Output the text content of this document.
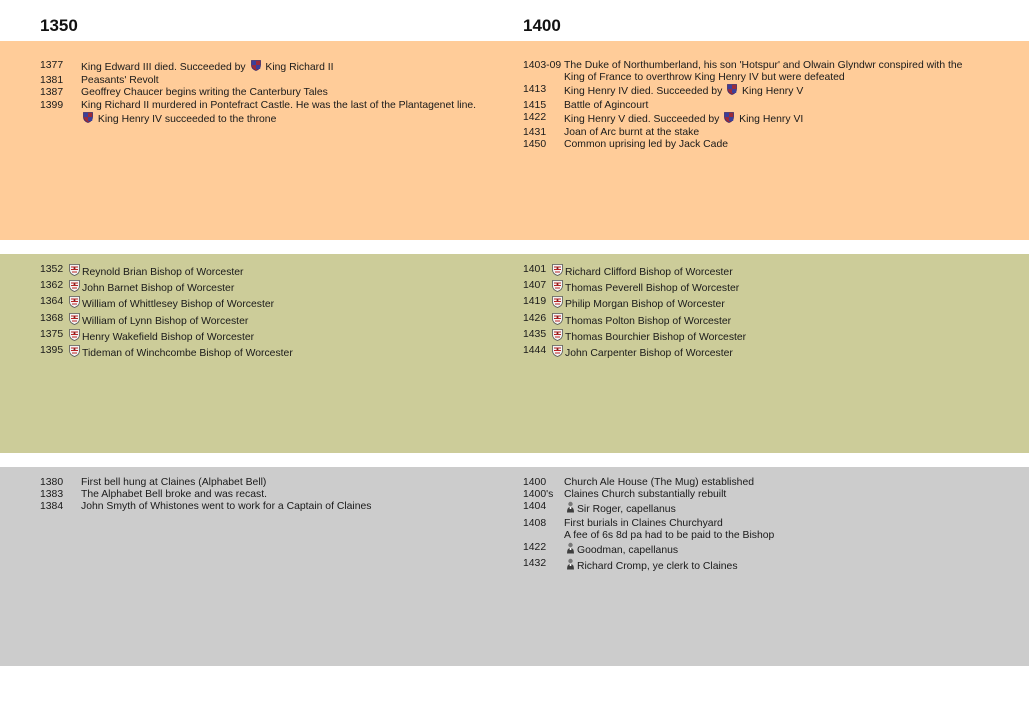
1350	1400
1377	King Edward III died. Succeeded by  King Richard II
1381	Peasants' Revolt
1387	Geoffrey Chaucer begins writing the Canterbury Tales
1399	King Richard II murdered in Pontefract Castle. He was the last of the Plantagenet line.  King Henry IV succeeded to the throne
1403-09 The Duke of Northumberland, his son 'Hotspur' and Olwain Glyndwr conspired with the King of France to overthrow King Henry IV but were defeated
1413	King Henry IV died. Succeeded by  King Henry V
1415	Battle of Agincourt
1422	King Henry V died. Succeeded by  King Henry VI
1431	Joan of Arc burnt at the stake
1450	Common uprising led by Jack Cade
1352	Reynold Brian Bishop of Worcester
1362	John Barnet Bishop of Worcester
1364	William of Whittlesey Bishop of Worcester
1368	William of Lynn Bishop of Worcester
1375	Henry Wakefield Bishop of Worcester
1395	Tideman of Winchcombe Bishop of Worcester
1401	Richard Clifford Bishop of Worcester
1407	Thomas Peverell Bishop of Worcester
1419	Philip Morgan Bishop of Worcester
1426	Thomas Polton Bishop of Worcester
1435	Thomas Bourchier Bishop of Worcester
1444	John Carpenter Bishop of Worcester
1380	First bell hung at Claines (Alphabet Bell)
1383	The Alphabet Bell broke and was recast.
1384	John Smyth of Whistones went to work for a Captain of Claines
1400	Church Ale House (The Mug) established
1400's	Claines Church substantially rebuilt
1404	Sir Roger, capellanus
1408	First burials in Claines Churchyard
A fee of 6s 8d pa had to be paid to the Bishop
1422	Goodman, capellanus
1432	Richard Cromp, ye clerk to Claines
